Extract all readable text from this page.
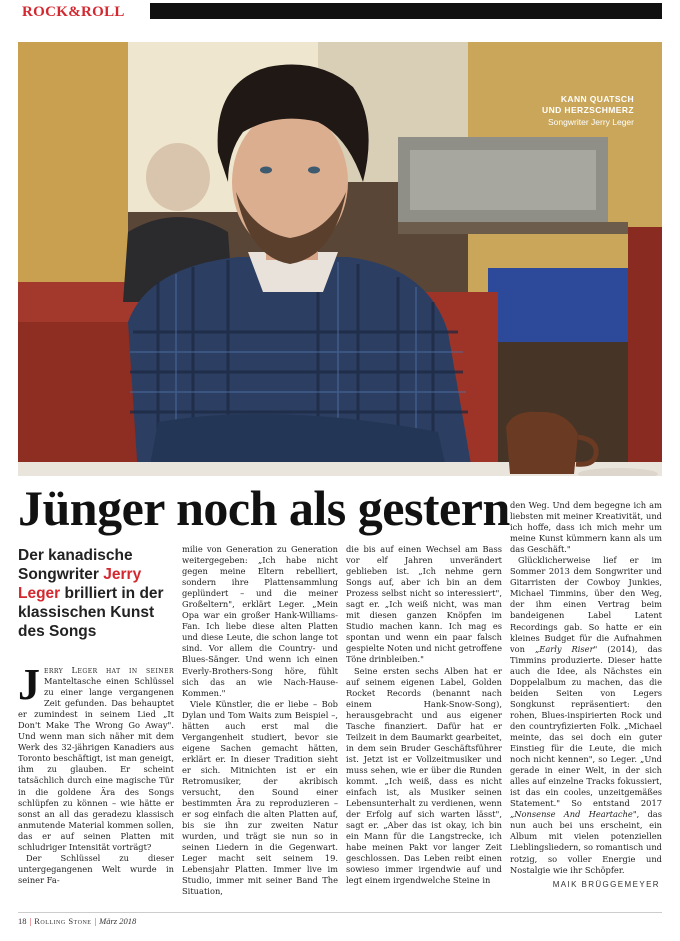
ROCK&ROLL
KANN QUATSCH
UND HERZSCHMERZ
Songwriter Jerry Leger
Jünger noch als gestern
Der kanadische Songwriter Jerry Leger brilliert in der klassischen Kunst des Songs

Jerry Leger hat in seiner Manteltasche einen Schlüssel zu einer lange vergangenen Zeit gefunden. Das behauptet er zumindest in seinem Lied „It Don't Make The Wrong Go Away". Und wenn man sich näher mit dem Werk des 32-jährigen Kanadiers aus Toronto beschäftigt, ist man geneigt, ihm zu glauben. Er scheint tatsächlich durch eine magische Tür in die goldene Ära des Songs schlüpfen zu können – wie hätte er sonst an all das geradezu klassisch anmutende Material kommen sollen, das er auf seinen Platten mit schludriger Intensität vorträgt?

Der Schlüssel zu dieser untergegangenen Welt wurde in seiner Fa-

milie von Generation zu Generation weitergegeben: „Ich habe nicht gegen meine Eltern rebelliert, sondern ihre Plattensammlung geplündert – und die meiner Großeltern", erklärt Leger. „Mein Opa war ein großer Hank-Williams-Fan. Ich liebe diese alten Platten und diese Leute, die schon lange tot sind. Vor allem die Country- und Blues-Sänger. Und wenn ich einen Everly-Brothers-Song höre, fühlt sich das an wie Nach-Hause-Kommen."

Viele Künstler, die er liebe – Bob Dylan und Tom Waits zum Beispiel –, hätten auch erst mal die Vergangenheit studiert, bevor sie eigene Sachen gemacht hätten, erklärt er. In dieser Tradition sieht er sich. Mitnichten ist er ein Retromusiker, der akribisch versucht, den Sound einer bestimmten Ära zu reproduzieren – er sog einfach die alten Platten auf, bis sie ihn zur zweiten Natur wurden, und trägt sie nun so in seinen Liedern in die Gegenwart. Leger macht seit seinem 19. Lebensjahr Platten. Immer live im Studio, immer mit seiner Band The Situation,

die bis auf einen Wechsel am Bass vor elf Jahren unverändert geblieben ist. „Ich nehme gern Songs auf, aber ich bin an dem Prozess selbst nicht so interessiert", sagt er. „Ich weiß nicht, was man mit diesen ganzen Knöpfen im Studio machen kann. Ich mag es spontan und wenn ein paar falsch gespielte Noten und nicht getroffene Töne drinbleiben."

Seine ersten sechs Alben hat er auf seinem eigenen Label, Golden Rocket Records (benannt nach einem Hank-Snow-Song), herausgebracht und aus eigener Tasche finanziert. Dafür hat er Teilzeit in dem Baumarkt gearbeitet, in dem sein Bruder Geschäftsführer ist. Jetzt ist er Vollzeitmusiker und muss sehen, wie er über die Runden kommt. „Ich weiß, dass es nicht einfach ist, als Musiker seinen Lebensunterhalt zu verdienen, wenn der Erfolg auf sich warten lässt", sagt er. „Aber das ist okay, ich bin ein Mann für die Langstrecke, ich habe meinen Pakt vor langer Zeit geschlossen. Das Leben reibt einen sowieso immer irgendwie auf und legt einem irgendwelche Steine in

den Weg. Und dem begegne ich am liebsten mit meiner Kreativität, und ich hoffe, dass ich mich mehr um meine Kunst kümmern kann als um das Geschäft."

Glücklicherweise lief er im Sommer 2013 dem Songwriter und Gitarristen der Cowboy Junkies, Michael Timmins, über den Weg, der ihm einen Vertrag beim bandeigenen Label Latent Recordings gab. So hatte er ein kleines Budget für die Aufnahmen von „Early Riser" (2014), das Timmins produzierte. Dieser hatte auch die Idee, als Nächstes ein Doppelalbum zu machen, das die beiden Seiten von Legers Songkunst repräsentiert: den rohen, Blues-inspirierten Rock und den countryfizierten Folk. „Michael meinte, das sei doch ein guter Einstieg für die Leute, die mich noch nicht kennen", so Leger. „Und gerade in einer Welt, in der sich alles auf einzelne Tracks fokussiert, ist das ein cooles, unzeitgemäßes Statement." So entstand 2017 „Nonsense And Heartache", das nun auch bei uns erscheint, ein Album mit vielen potenziellen Lieblingsliedern, so romantisch und rotzig, so voller Energie und Nostalgie wie ihr Schöpfer.

MAIK BRÜGGEMEYER
18 | Rolling Stone | März 2018
